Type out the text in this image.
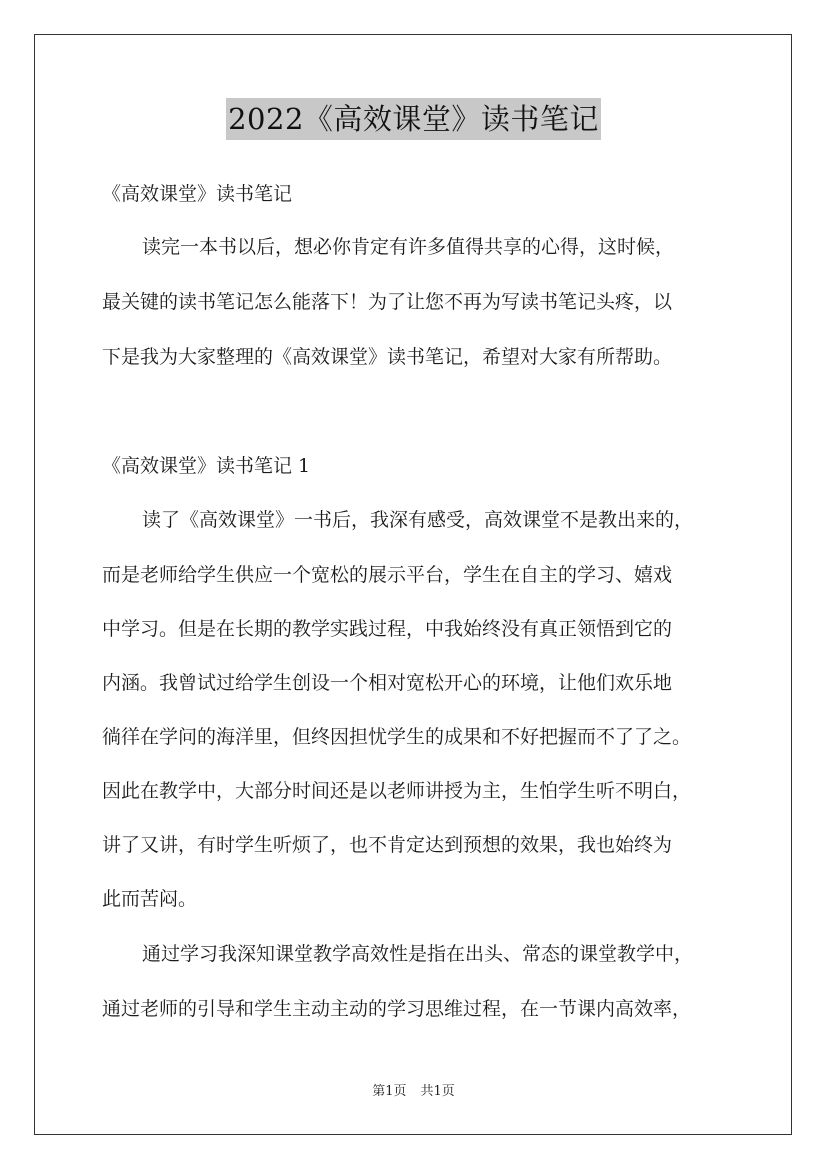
2022《高效课堂》读书笔记
《高效课堂》读书笔记
读完一本书以后，想必你肯定有许多值得共享的心得，这时候，
最关键的读书笔记怎么能落下！为了让您不再为写读书笔记头疼，以
下是我为大家整理的《高效课堂》读书笔记，希望对大家有所帮助。
《高效课堂》读书笔记 1
读了《高效课堂》一书后，我深有感受，高效课堂不是教出来的，
而是老师给学生供应一个宽松的展示平台，学生在自主的学习、嬉戏
中学习。但是在长期的教学实践过程，中我始终没有真正领悟到它的
内涵。我曾试过给学生创设一个相对宽松开心的环境，让他们欢乐地
徜徉在学问的海洋里，但终因担忧学生的成果和不好把握而不了了之。
因此在教学中，大部分时间还是以老师讲授为主，生怕学生听不明白，
讲了又讲，有时学生听烦了，也不肯定达到预想的效果，我也始终为
此而苦闷。
通过学习我深知课堂教学高效性是指在出头、常态的课堂教学中，
通过老师的引导和学生主动主动的学习思维过程，在一节课内高效率，
第1页 共1页
